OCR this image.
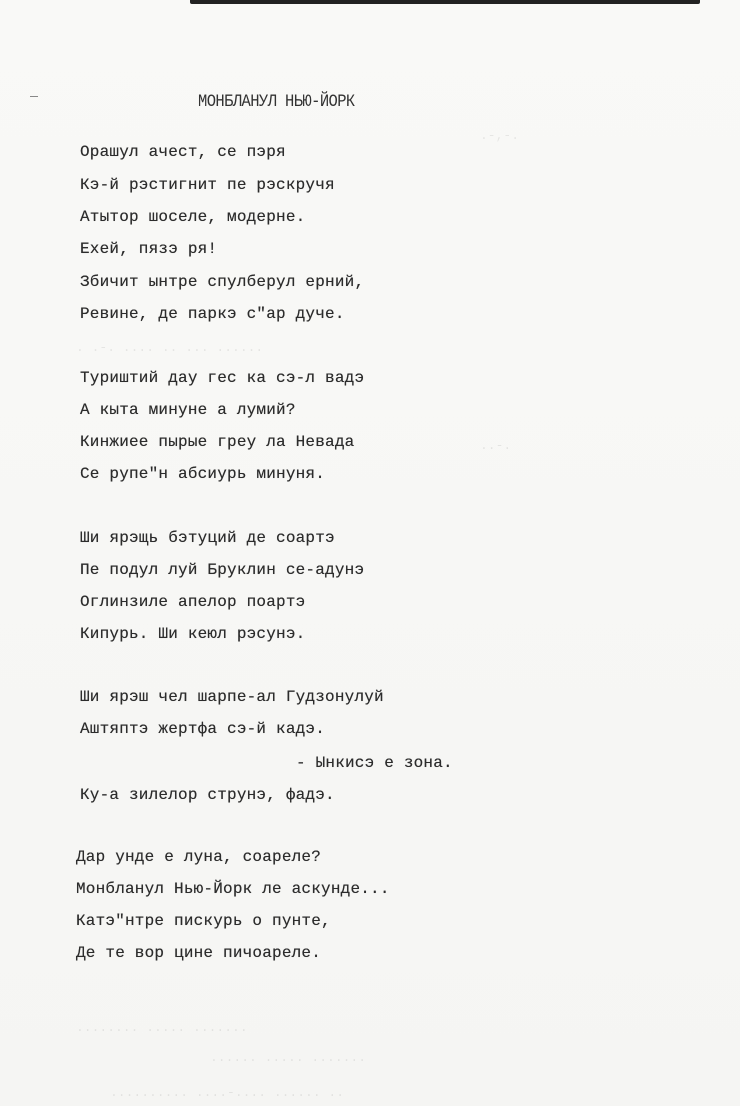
. .-. .... .. ... ......
.-,-.
..-.
........ ..... .......
...... ..... .......
.......... ....-.... ...... ..
МОНБЛАНУЛ НЬЮ-ЙОРК
Орашул ачест, се пэря
Кэ-й рэстигнит пе рэскручя
Атытор шоселе, модерне.
Ехей, пязэ ря!
Збичит ынтре спулберул ерний,
Ревине, де паркэ с"ар дуче.
Туриштий дау гес ка сэ-л вадэ
А кыта минуне а лумий?
Кинжиее пырые греу ла Невада
Се рупе"н абсиурь минуня.
Ши ярэщь бэтуций де соартэ
Пе подул луй Бруклин се-адунэ
Оглинзиле апелор поартэ
Кипурь. Ши кеюл рэсунэ.
Ши ярэш чел шарпе-ал Гудзонулуй
Аштяптэ жертфа сэ-й кадэ.
- Ынкисэ е зона.
Ку-а зилелор струнэ, фадэ.
Дар унде е луна, соареле?
Монбланул Нью-Йорк ле аскунде...
Катэ"нтре пискурь о пунте,
Де те вор цине пичоареле.
